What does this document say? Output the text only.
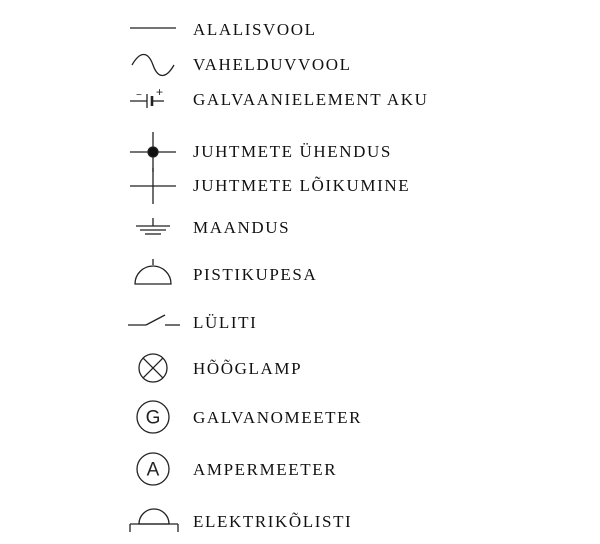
ALALISVOOL
VAHELDUVVOOL
− + GALVAANIELEMENT AKU
JUHTMETE ÜHENDUS
JUHTMETE LÕIKUMINE
MAANDUS
PISTIKUPESA
LÜLITI
HÕÕGLAMP
G GALVANOMEETER
A AMPERMEETER
ELEKTRIKÕLISTI
